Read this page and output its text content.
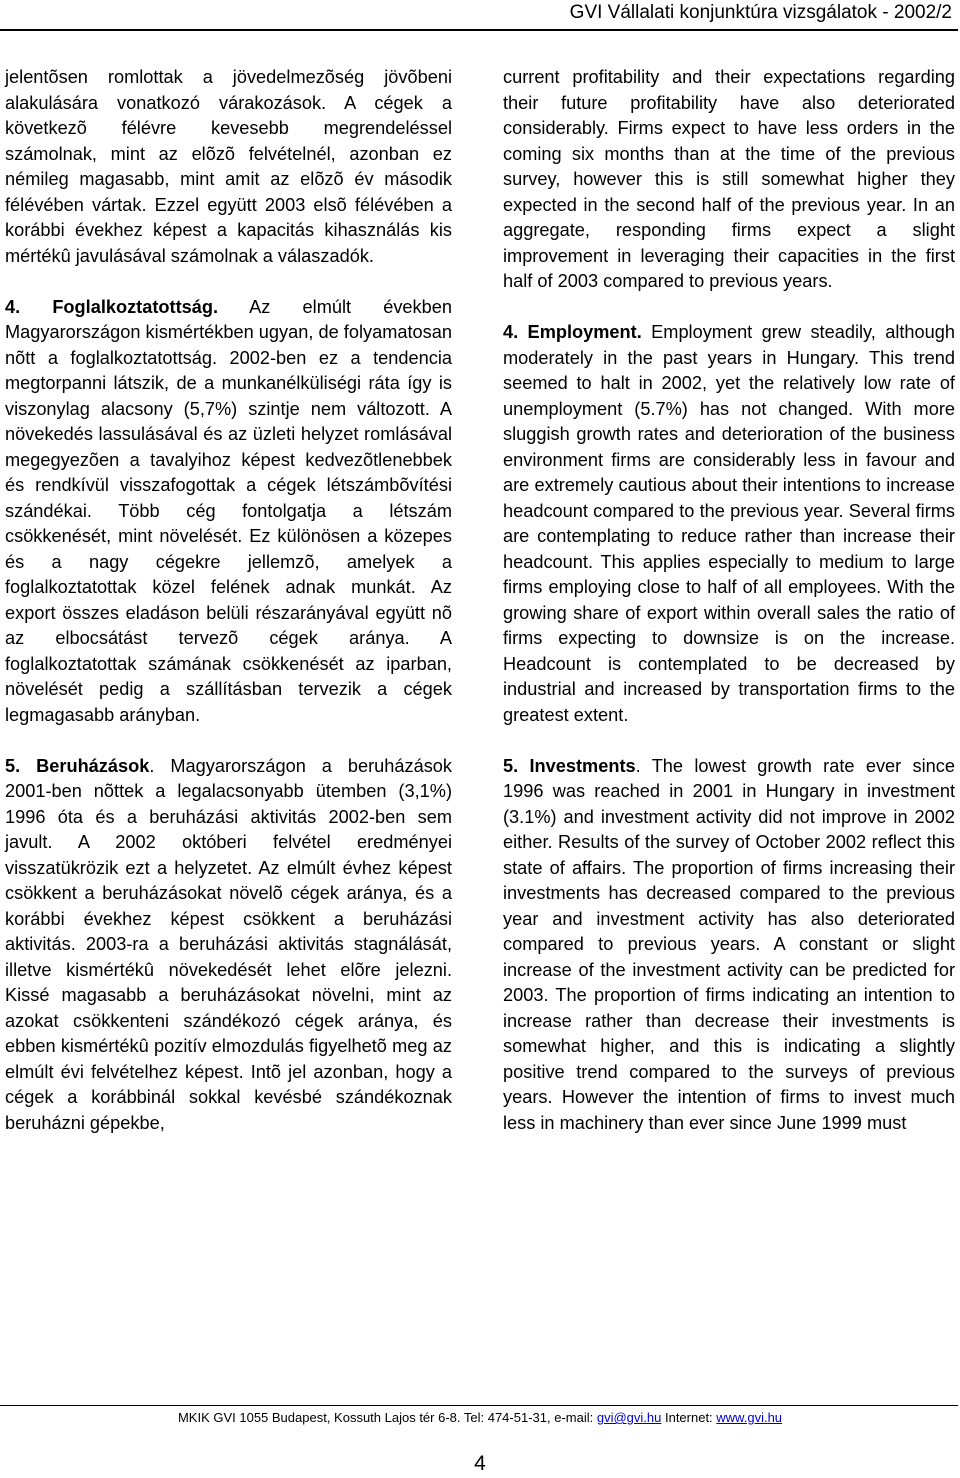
GVI Vállalati konjunktúra vizsgálatok - 2002/2

jelentõsen romlottak a jövedelmezõség jövõbeni alakulására vonatkozó várakozások. A cégek a következõ félévre kevesebb megrendeléssel számolnak, mint az elõzõ felvételnél, azonban ez némileg magasabb, mint amit az elõzõ év második félévében vártak. Ezzel együtt 2003 elsõ félévében a korábbi évekhez képest a kapacitás kihasználás kis mértékû javulásával számolnak a válaszadók.

4. Foglalkoztatottság. Az elmúlt években Magyarországon kismértékben ugyan, de folyamatosan nõtt a foglalkoztatottság. 2002-ben ez a tendencia megtorpanni látszik, de a munkanélküliségi ráta így is viszonylag alacsony (5,7%) szintje nem változott. A növekedés lassulásával és az üzleti helyzet romlásával megegyezõen a tavalyihoz képest kedvezõtlenebbek és rendkívül visszafogottak a cégek létszámbõvítési szándékai. Több cég fontolgatja a létszám csökkenését, mint növelését. Ez különösen a közepes és a nagy cégekre jellemzõ, amelyek a foglalkoztatottak közel felének adnak munkát. Az export összes eladáson belüli részarányával együtt nõ az elbocsátást tervezõ cégek aránya. A foglalkoztatottak számának csökkenését az iparban, növelését pedig a szállításban tervezik a cégek legmagasabb arányban.

5. Beruházások. Magyarországon a beruházások 2001-ben nõttek a legalacsonyabb ütemben (3,1%) 1996 óta és a beruházási aktivitás 2002-ben sem javult. A 2002 októberi felvétel eredményei visszatükrözik ezt a helyzetet. Az elmúlt évhez képest csökkent a beruházásokat növelõ cégek aránya, és a korábbi évekhez képest csökkent a beruházási aktivitás. 2003-ra a beruházási aktivitás stagnálását, illetve kismértékû növekedését lehet elõre jelezni. Kissé magasabb a beruházásokat növelni, mint az azokat csökkenteni szándékozó cégek aránya, és ebben kismértékû pozitív elmozdulás figyelhetõ meg az elmúlt évi felvételhez képest. Intõ jel azonban, hogy a cégek a korábbinál sokkal kevésbé szándékoznak beruházni gépekbe,

current profitability and their expectations regarding their future profitability have also deteriorated considerably. Firms expect to have less orders in the coming six months than at the time of the previous survey, however this is still somewhat higher they expected in the second half of the previous year. In an aggregate, responding firms expect a slight improvement in leveraging their capacities in the first half of 2003 compared to previous years.

4. Employment. Employment grew steadily, although moderately in the past years in Hungary. This trend seemed to halt in 2002, yet the relatively low rate of unemployment (5.7%) has not changed. With more sluggish growth rates and deterioration of the business environment firms are considerably less in favour and are extremely cautious about their intentions to increase headcount compared to the previous year. Several firms are contemplating to reduce rather than increase their headcount. This applies especially to medium to large firms employing close to half of all employees. With the growing share of export within overall sales the ratio of firms expecting to downsize is on the increase. Headcount is contemplated to be decreased by industrial and increased by transportation firms to the greatest extent.

5. Investments. The lowest growth rate ever since 1996 was reached in 2001 in Hungary in investment (3.1%) and investment activity did not improve in 2002 either. Results of the survey of October 2002 reflect this state of affairs. The proportion of firms increasing their investments has decreased compared to the previous year and investment activity has also deteriorated compared to previous years. A constant or slight increase of the investment activity can be predicted for 2003. The proportion of firms indicating an intention to increase rather than decrease their investments is somewhat higher, and this is indicating a slightly positive trend compared to the surveys of previous years. However the intention of firms to invest much less in machinery than ever since June 1999 must

MKIK GVI 1055 Budapest, Kossuth Lajos tér 6-8. Tel: 474-51-31, e-mail: gvi@gvi.hu Internet: www.gvi.hu
4
